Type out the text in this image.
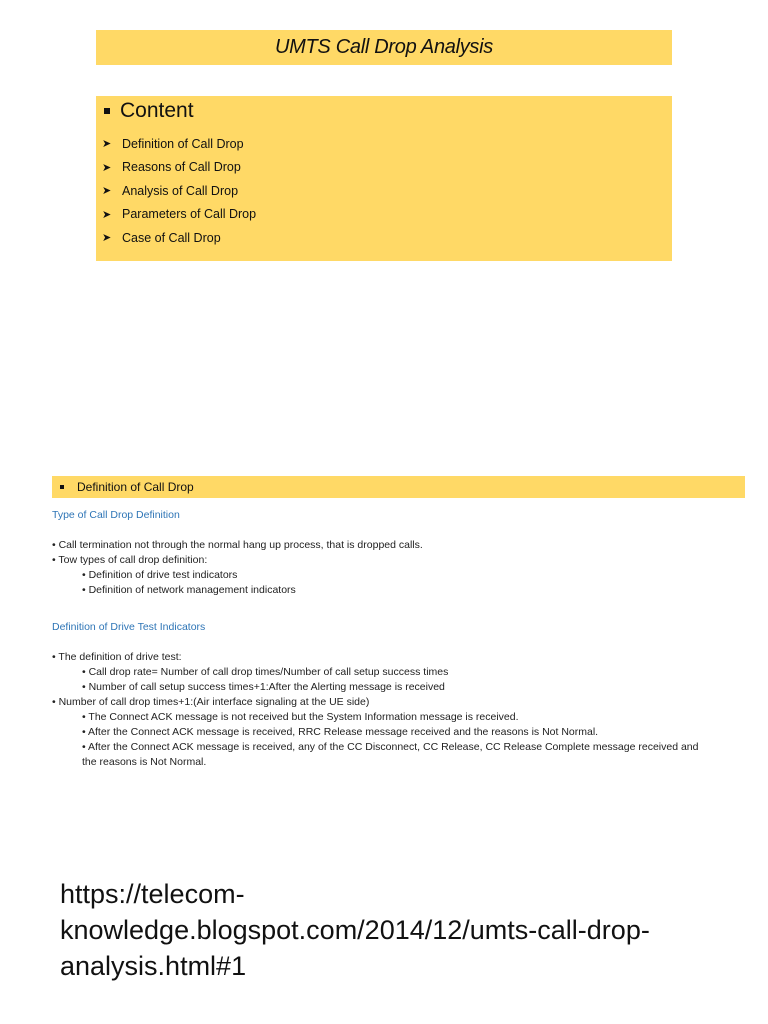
UMTS Call Drop Analysis
Content
➤ Definition of Call Drop
➤ Reasons of Call Drop
➤ Analysis of Call Drop
➤ Parameters of Call Drop
➤ Case of Call Drop
Definition of Call Drop
Type of Call Drop Definition
• Call termination not through the normal hang up process, that is dropped calls.
• Tow types of call drop definition:
• Definition of drive test indicators
• Definition of network management indicators
Definition of Drive Test Indicators
• The definition of drive test:
• Call drop rate= Number of call drop times/Number of call setup success times
• Number of call setup success times+1:After the Alerting message is received
• Number of call drop times+1:(Air interface signaling at the UE side)
• The Connect ACK message is not received but the System Information message is received.
• After the Connect ACK message is received, RRC Release message received and the reasons is Not Normal.
• After the Connect ACK message is received, any of the CC Disconnect, CC Release, CC Release Complete message received and
the reasons is Not Normal.
https://telecom-knowledge.blogspot.com/2014/12/umts-call-drop-analysis.html#1
